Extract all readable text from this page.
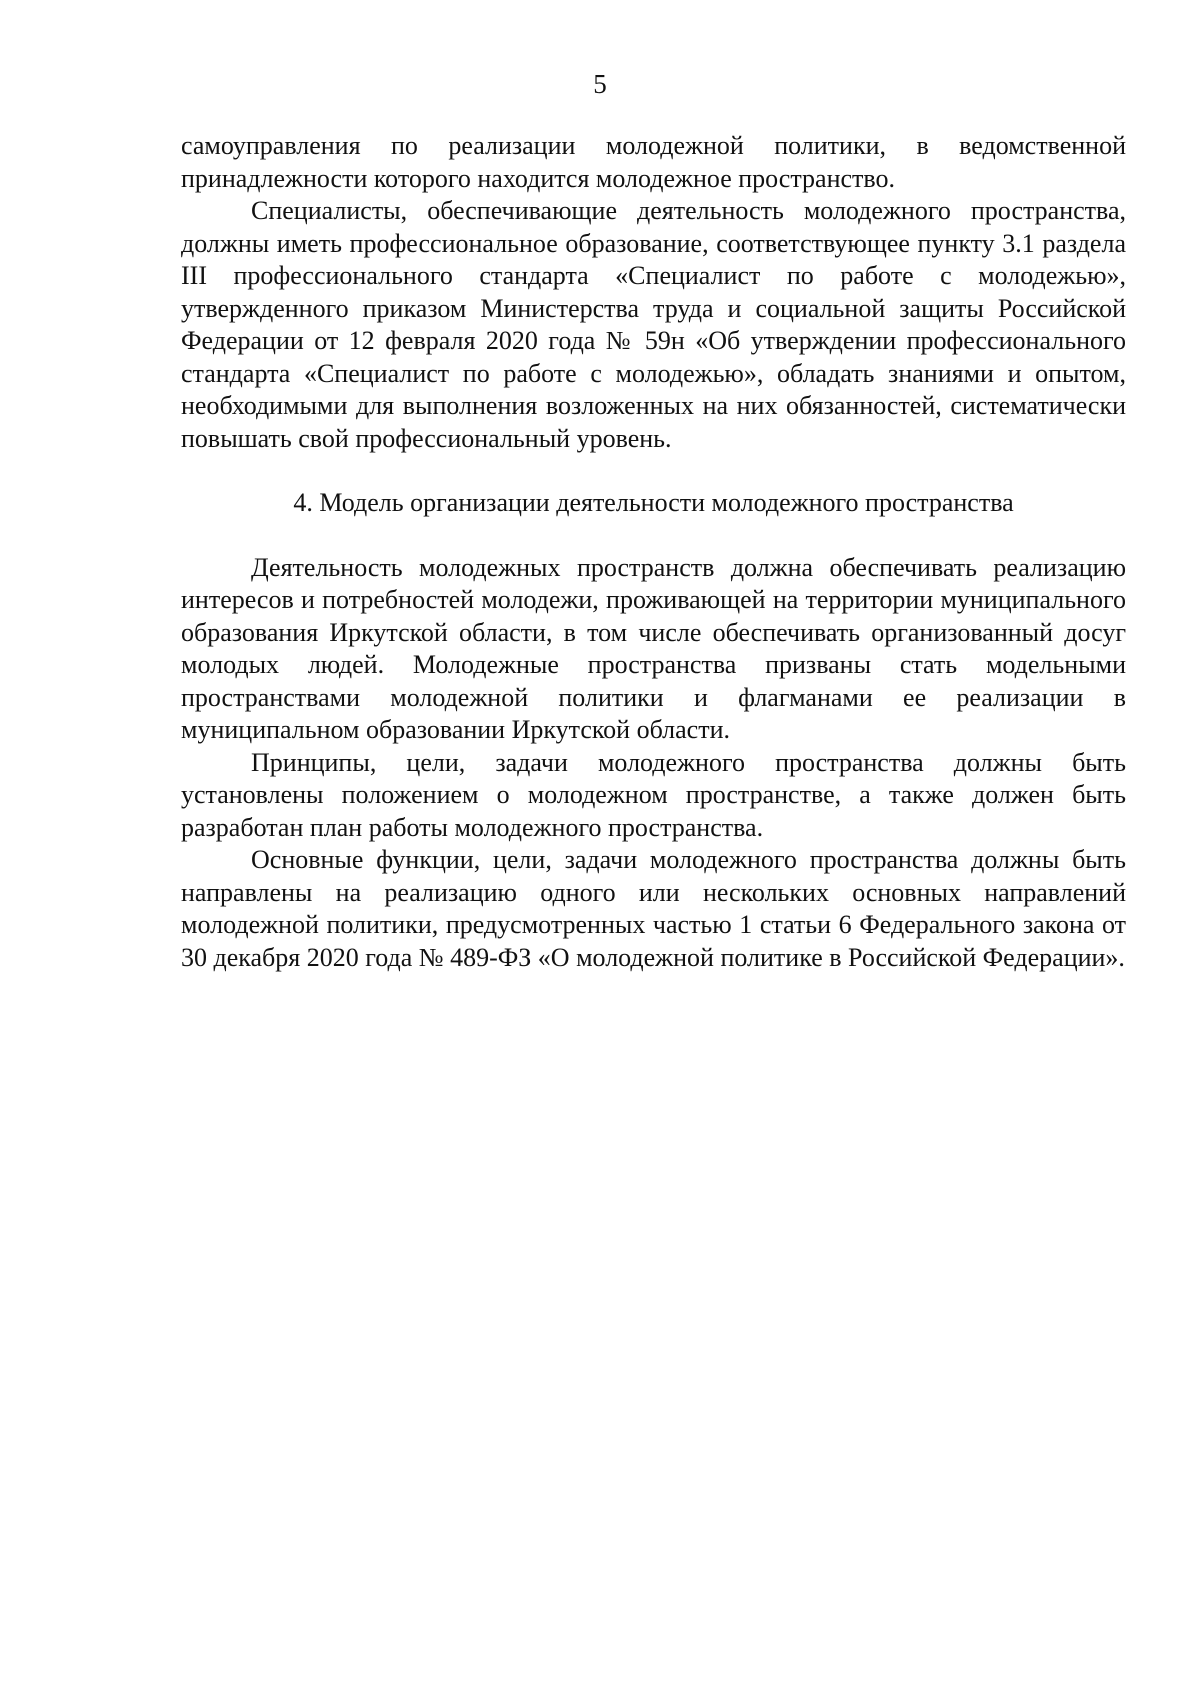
5

самоуправления по реализации молодежной политики, в ведомственной принадлежности которого находится молодежное пространство.

Специалисты, обеспечивающие деятельность молодежного пространства, должны иметь профессиональное образование, соответствующее пункту 3.1 раздела III профессионального стандарта «Специалист по работе с молодежью», утвержденного приказом Министерства труда и социальной защиты Российской Федерации от 12 февраля 2020 года № 59н «Об утверждении профессионального стандарта «Специалист по работе с молодежью», обладать знаниями и опытом, необходимыми для выполнения возложенных на них обязанностей, систематически повышать свой профессиональный уровень.

4. Модель организации деятельности молодежного пространства

Деятельность молодежных пространств должна обеспечивать реализацию интересов и потребностей молодежи, проживающей на территории муниципального образования Иркутской области, в том числе обеспечивать организованный досуг молодых людей. Молодежные пространства призваны стать модельными пространствами молодежной политики и флагманами ее реализации в муниципальном образовании Иркутской области.

Принципы, цели, задачи молодежного пространства должны быть установлены положением о молодежном пространстве, а также должен быть разработан план работы молодежного пространства.

Основные функции, цели, задачи молодежного пространства должны быть направлены на реализацию одного или нескольких основных направлений молодежной политики, предусмотренных частью 1 статьи 6 Федерального закона от 30 декабря 2020 года № 489-ФЗ «О молодежной политике в Российской Федерации».
